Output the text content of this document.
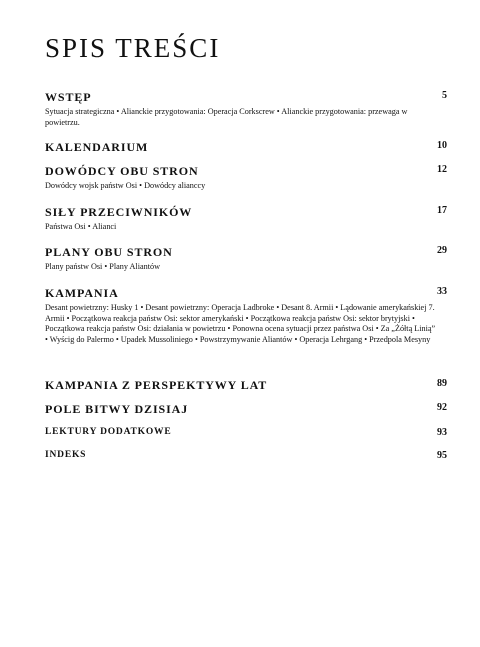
SPIS TREŚCI
WSTĘP	5
Sytuacja strategiczna • Alianckie przygotowania: Operacja Corkscrew • Alianckie przygotowania: przewaga w powietrzu.
KALENDARIUM	10
DOWÓDCY OBU STRON	12
Dowódcy wojsk państw Osi • Dowódcy alianccy
SIŁY PRZECIWNIKÓW	17
Państwa Osi • Alianci
PLANY OBU STRON	29
Plany państw Osi • Plany Aliantów
KAMPANIA	33
Desant powietrzny: Husky 1 • Desant powietrzny: Operacja Ladbroke • Desant 8. Armii • Lądowanie amerykańskiej 7. Armii • Początkowa reakcja państw Osi: sektor amerykański • Początkowa reakcja państw Osi: sektor brytyjski • Początkowa reakcja państw Osi: działania w powietrzu • Ponowna ocena sytuacji przez państwa Osi • Za „Żółtą Linią” • Wyścig do Palermo • Upadek Mussoliniego • Powstrzymywanie Aliantów • Operacja Lehrgang • Przedpola Mesyny
KAMPANIA Z PERSPEKTYWY LAT	89
POLE BITWY DZISIAJ	92
LEKTURY DODATKOWE	93
INDEKS	95
